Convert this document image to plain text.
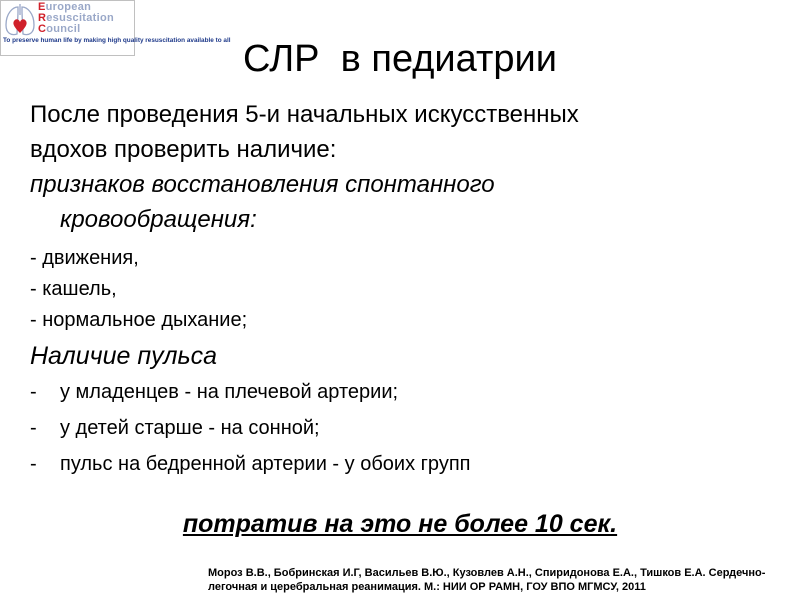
European
Resuscitation
Council
To preserve human life by making high quality resuscitation available to all СЛР  в педиатрии

После проведения 5-и начальных искусственных

вдохов проверить наличие:

признаков восстановления спонтанного
кровообращения:

- движения,
- кашель,
- нормальное дыхание;

Наличие пульса

- у младенцев - на плечевой артерии;
- у детей старше - на сонной;
- пульс на бедренной артерии - у обоих групп
потратив на это не более 10 сек.
Мороз В.В., Бобринская И.Г, Васильев В.Ю., Кузовлев А.Н., Спиридонова Е.А., Тишков Е.А. Сердечно-легочная и церебральная реанимация. М.: НИИ ОР РАМН, ГОУ ВПО МГМСУ, 2011
